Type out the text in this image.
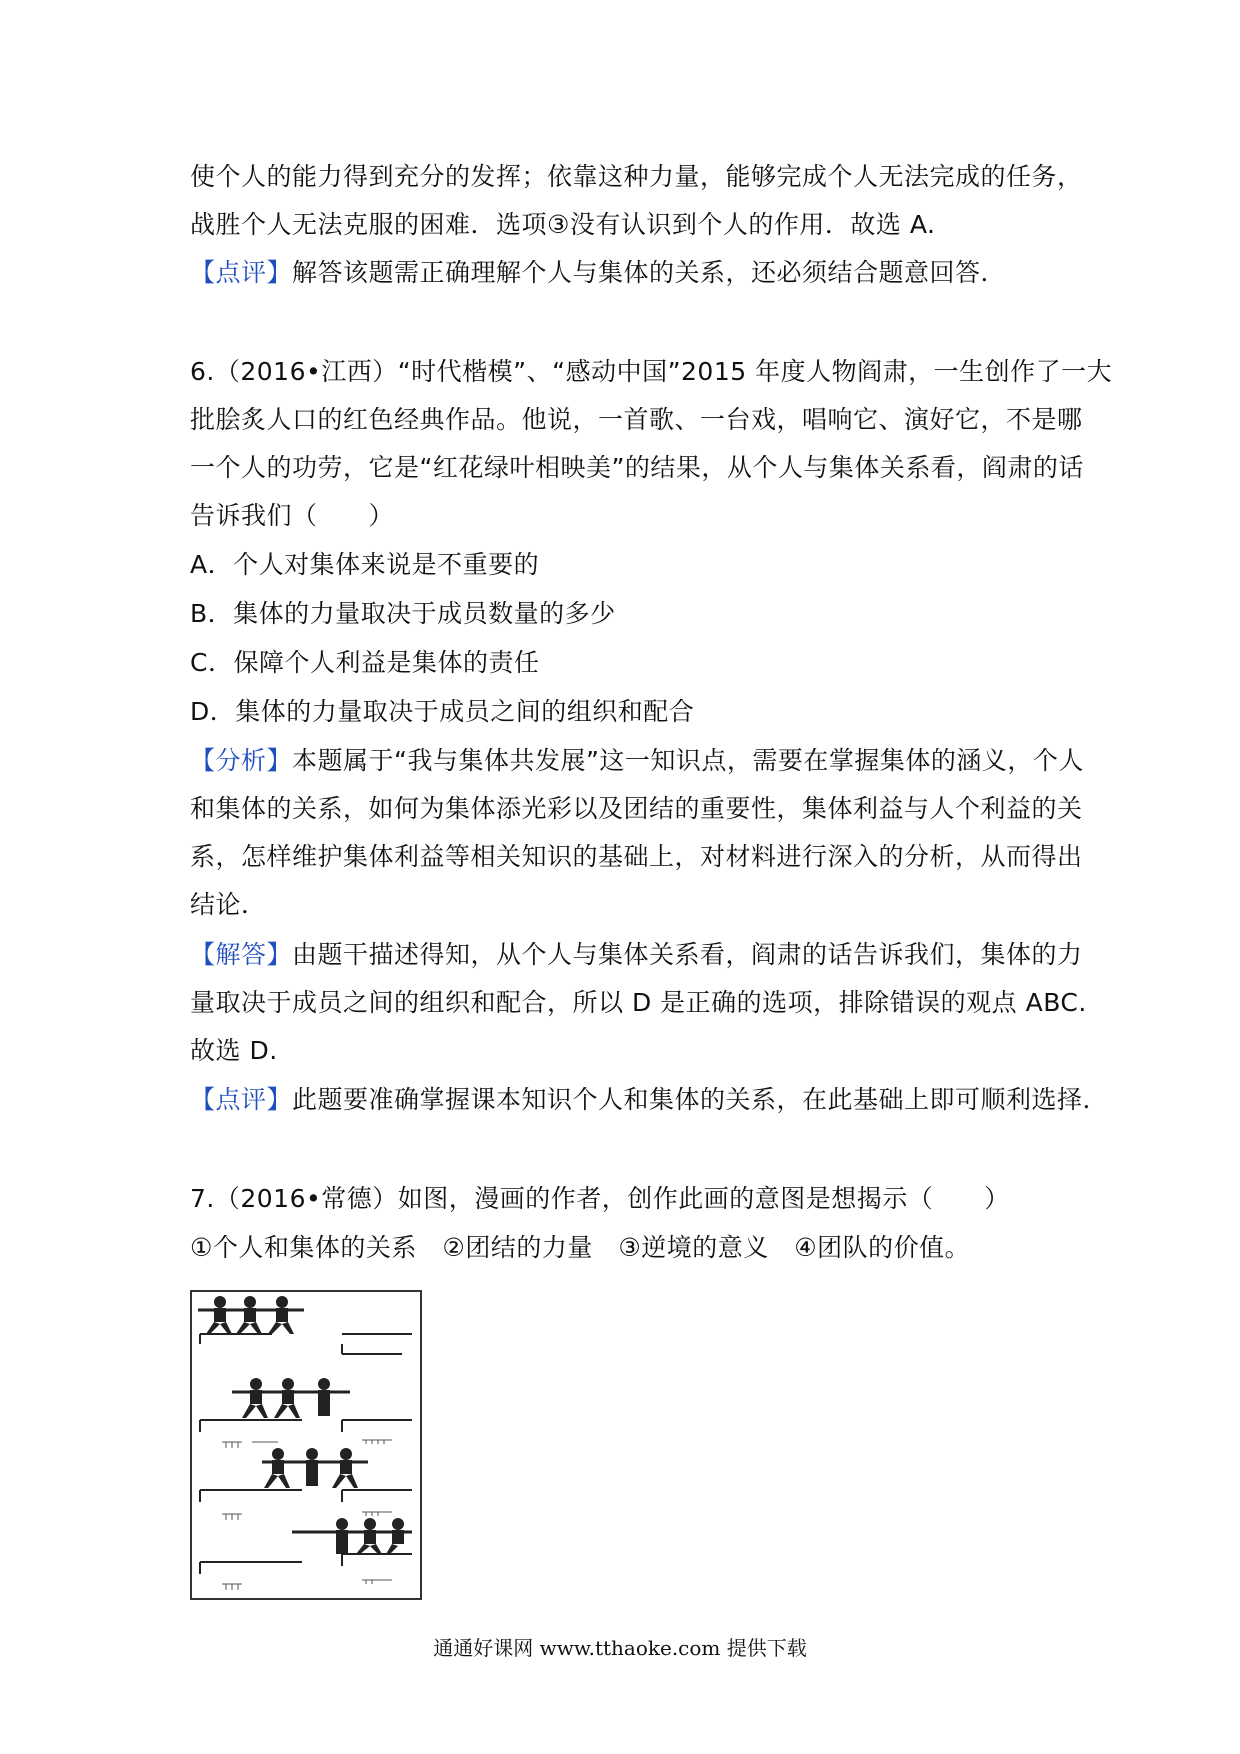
使个人的能力得到充分的发挥；依靠这种力量，能够完成个人无法完成的任务，
战胜个人无法克服的困难．选项③没有认识到个人的作用．故选 A.
【点评】解答该题需正确理解个人与集体的关系，还必须结合题意回答．
6.（2016•江西）“时代楷模”、“感动中国”2015 年度人物阎肃，一生创作了一大
批脍炙人口的红色经典作品。他说，一首歌、一台戏，唱响它、演好它，不是哪
一个人的功劳，它是“红花绿叶相映美”的结果，从个人与集体关系看，阎肃的话
告诉我们（　　）
A．个人对集体来说是不重要的
B．集体的力量取决于成员数量的多少
C．保障个人利益是集体的责任
D．集体的力量取决于成员之间的组织和配合
【分析】本题属于“我与集体共发展”这一知识点，需要在掌握集体的涵义，个人
和集体的关系，如何为集体添光彩以及团结的重要性，集体利益与人个利益的关
系，怎样维护集体利益等相关知识的基础上，对材料进行深入的分析，从而得出
结论．
【解答】由题干描述得知，从个人与集体关系看，阎肃的话告诉我们，集体的力
量取决于成员之间的组织和配合，所以 D 是正确的选项，排除错误的观点 ABC.
故选 D.
【点评】此题要准确掌握课本知识个人和集体的关系，在此基础上即可顺利选择．
7.（2016•常德）如图，漫画的作者，创作此画的意图是想揭示（　　）
①个人和集体的关系　②团结的力量　③逆境的意义　④团队的价值。
通通好课网 www.tthaoke.com 提供下载
